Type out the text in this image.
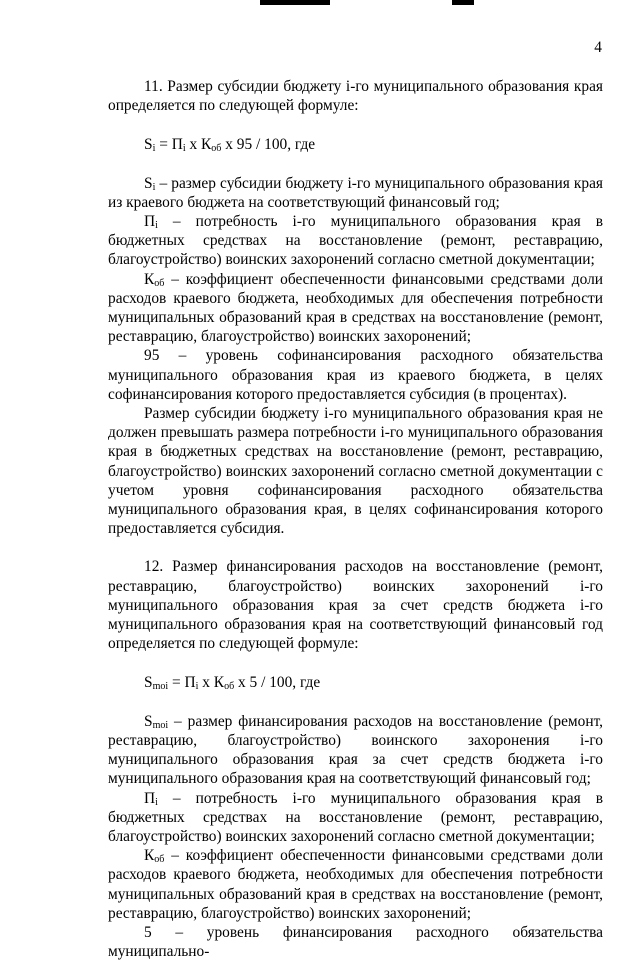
4

11. Размер субсидии бюджету i-го муниципального образования края определяется по следующей формуле:

$S_i = П_i$ х $К_{об}$ х 95 / 100, где

$S_i$ – размер субсидии бюджету i-го муниципального образования края из краевого бюджета на соответствующий финансовый год;

$П_i$ – потребность i-го муниципального образования края в бюджетных средствах на восстановление (ремонт, реставрацию, благоустройство) воинских захоронений согласно сметной документации;

$К_{об}$ – коэффициент обеспеченности финансовыми средствами доли расходов краевого бюджета, необходимых для обеспечения потребности муниципальных образований края в средствах на восстановление (ремонт, реставрацию, благоустройство) воинских захоронений;

95 – уровень софинансирования расходного обязательства муниципального образования края из краевого бюджета, в целях софинансирования которого предоставляется субсидия (в процентах).

Размер субсидии бюджету i-го муниципального образования края не должен превышать размера потребности i-го муниципального образования края в бюджетных средствах на восстановление (ремонт, реставрацию, благоустройство) воинских захоронений согласно сметной документации с учетом уровня софинансирования расходного обязательства муниципального образования края, в целях софинансирования которого предоставляется субсидия.

12. Размер финансирования расходов на восстановление (ремонт, реставрацию, благоустройство) воинских захоронений i-го муниципального образования края за счет средств бюджета i-го муниципального образования края на соответствующий финансовый год определяется по следующей формуле:

$S_{moi} = П_i$ х $К_{об}$ х 5 / 100, где

$S_{moi}$ – размер финансирования расходов на восстановление (ремонт, реставрацию, благоустройство) воинского захоронения i-го муниципального образования края за счет средств бюджета i-го муниципального образования края на соответствующий финансовый год;

$П_i$ – потребность i-го муниципального образования края в бюджетных средствах на восстановление (ремонт, реставрацию, благоустройство) воинских захоронений согласно сметной документации;

$К_{об}$ – коэффициент обеспеченности финансовыми средствами доли расходов краевого бюджета, необходимых для обеспечения потребности муниципальных образований края в средствах на восстановление (ремонт, реставрацию, благоустройство) воинских захоронений;

5 – уровень финансирования расходного обязательства муниципально-
